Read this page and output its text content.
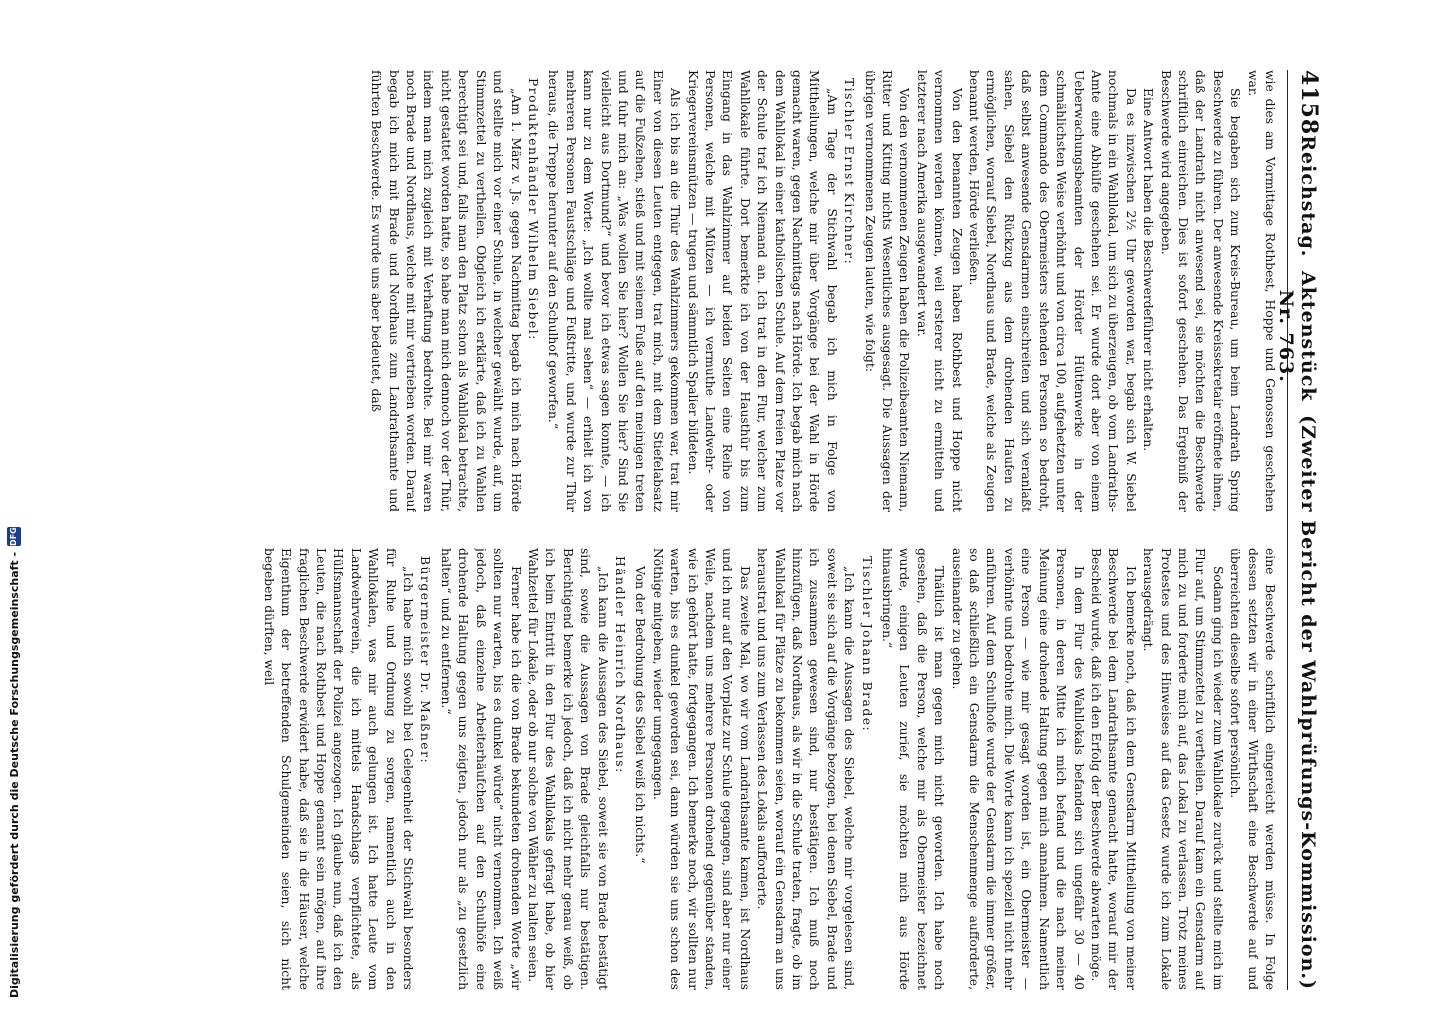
4158
Reichstag.
Aktenstück Nr. 763.
(Zweiter Bericht der Wahlprüfungs-Kommission.)

wie dies am Vormittage Rothbest, Hoppe und Genossen geschehen war.

Sie begaben sich zum Kreis-Bureau, um beim Landrath Spring Beschwerde zu führen. Der anwesende Kreissekretair eröffnete ihnen, daß der Landrath nicht anwesend sei, sie möchten die Beschwerde schriftlich einreichen. Dies ist sofort geschehen. Das Ergebniß der Beschwerde wird angegeben.

Eine Antwort haben die Beschwerdeführer nicht erhalten.

Da es inzwischen 2½ Uhr geworden war, begab sich W. Siebel nochmals in ein Wahllokal, um sich zu überzeugen, ob vom Landraths-Amte eine Abhülfe geschehen sei. Er wurde dort aber von einem Ueberwachungsbeamten der Hörder Hüttenwerke in der schmählichsten Weise verhöhnt und von circa 100, aufgehetzten unter dem Commando des Obermeisters stehenden Personen so bedroht, daß selbst anwesende Gensdarmen einschreiten und sich veranlaßt sahen, Siebel den Rückzug aus dem drohenden Haufen zu ermöglichen, worauf Siebel, Nordhaus und Brade, welche als Zeugen benannt werden, Hörde verließen.

Von den benannten Zeugen haben Rothbest und Hoppe nicht vernommen werden können, weil ersterer nicht zu ermitteln und letzterer nach Amerika ausgewandert war.

Von den vernommenen Zeugen haben die Polizeibeamten Niemann, Ritter und Kitting nichts Wesentliches ausgesagt. Die Aussagen der übrigen vernommenen Zeugen lauten, wie folgt:

Tischler Ernst Kirchner:

„Am Tage der Stichwahl begab ich mich in Folge von Mittheilungen, welche mir über Vorgänge bei der Wahl in Hörde gemacht waren, gegen Nachmittags nach Hörde. Ich begab mich nach dem Wahllokal in einer katholischen Schule. Auf dem freien Platze vor der Schule traf ich Niemand an. Ich trat in den Flur, welcher zum Wahllokale führte. Dort bemerkte ich von der Hausthür bis zum Eingang in das Wahlzimmer auf beiden Seiten eine Reihe von Personen, welche mit Mützen — ich vermuthe Landwehr- oder Kriegervereinsmützen — trugen und sämmtlich Spalier bildeten.

Als ich bis an die Thür des Wahlzimmers gekommen war, trat mir Einer von diesen Leuten entgegen, trat mich, mit dem Stiefelabsatz auf die Fußzehen, stieß und mit seinem Fuße auf den meinigen treten und fuhr mich an: „Was wollen Sie hier? Wollen Sie hier? Sind Sie vielleicht aus Dortmund?“ und bevor ich etwas sagen konnte, — ich kann nur zu dem Worte: „Ich wollte mal sehen“ — erhielt ich von mehreren Personen Faustschläge und Fußtritte, und wurde zur Thür heraus, die Treppe herunter auf den Schulhof geworfen.“

Produktenhändler Wilhelm Siebel:

„Am 1. März v. Js. gegen Nachmittag begab ich mich nach Hörde und stellte mich vor einer Schule, in welcher gewählt wurde, auf, um Stimmzettel zu vertheilen. Obgleich ich erklärte, daß ich zu Wahlen berechtigt sei und, falls man den Platz schon als Wahllokal betrachte, nicht gestattet worden hatte, so habe man mich dennoch vor der Thür, indem man mich zugleich mit Verhaftung bedrohte. Bei mir waren noch Brade und Nordhaus, welche mit mir vertrieben worden. Darauf begab ich mich mit Brade und Nordhaus zum Landrathsamte und führten Beschwerde. Es wurde uns aber bedeutet, daß

eine Beschwerde schriftlich eingereicht werden müsse. In Folge dessen setzten wir in einer Wirthschaft eine Beschwerde auf und überreichten dieselbe sofort persönlich.

Sodann ging ich wieder zum Wahllokale zurück und stellte mich im Flur auf, um Stimmzettel zu vertheilen. Darauf kam ein Gensdarm auf mich zu und forderte mich auf, das Lokal zu verlassen. Trotz meines Protestes und des Hinweises auf das Gesetz wurde ich zum Lokale herausgedrängt.

Ich bemerke noch, daß ich dem Gensdarm Mittheilung von meiner Beschwerde bei dem Landrathsamte gemacht hatte, worauf mir der Bescheid wurde, daß ich den Erfolg der Beschwerde abwarten möge.

In dem Flur des Wahllokals befanden sich ungefähr 30 — 40 Personen, in deren Mitte ich mich befand und die nach meiner Meinung eine drohende Haltung gegen mich annahmen. Namentlich eine Person — wie mir gesagt worden ist, ein Obermeister — verhöhnte und bedrohte mich. Die Worte kann ich speziell nicht mehr anführen. Auf dem Schulhofe wurde der Gensdarm die immer größer, so daß schließlich ein Gensdarm die Menschenmenge aufforderte, auseinander zu gehen.

Thätlich ist man gegen mich nicht geworden. Ich habe noch gesehen, daß die Person, welche mir als Obermeister bezeichnet wurde, einigen Leuten zurief, sie möchten mich aus Hörde hinausbringen.“

Tischler Johann Brade:

„Ich kann die Aussagen des Siebel, welche mir vorgelesen sind, soweit sie sich auf die Vorgänge bezogen, bei denen Siebel, Brade und ich zusammen gewesen sind, nur bestätigen. Ich muß noch hinzufügen, daß Nordhaus, als wir in die Schule traten, fragte, ob im Wahllokal für Plätze zu bekommen seien, worauf ein Gensdarm an uns heraustrat und uns zum Verlassen des Lokals aufforderte.

Das zweite Mal, wo wir vom Landrathsamte kamen, ist Nordhaus und ich nur auf den Vorplatz zur Schule gegangen, sind aber nur einer Weile, nachdem uns mehrere Personen drohend gegenüber standen, wie ich gehört hatte, fortgegangen. Ich bemerke noch, wir sollten nur warten, bis es dunkel geworden sei, dann würden sie uns schon des Nöthige mitgeben, wieder umgegangen.

Von der Bedrohung des Siebel weiß ich nichts.“

Händler Heinrich Nordhaus:

„Ich kann die Aussagen des Siebel, soweit sie von Brade bestätigt sind, sowie die Aussagen von Brade gleichfalls nur bestätigen. Berichtigend bemerke ich jedoch, daß ich nicht mehr genau weiß, ob ich beim Eintritt in den Flur des Wahllokals gefragt habe, ob hier Wahlzettel für Lokale, oder ob nur solche von Wähler zu halten seien.

Ferner habe ich die von Brade bekundeten drohenden Worte „wir sollten nur warten, bis es dunkel würde“ nicht vernommen. Ich weiß jedoch, daß einzelne Arbeiterhäufchen auf den Schulhöfe eine drohende Haltung gegen uns zeigten, jedoch nur als „zu gesetzlich halten“ und zu entfernen.“

Bürgermeister Dr. Maßner:

„Ich habe mich sowohl bei Gelegenheit der Stichwahl besonders für Ruhe und Ordnung zu sorgen, namentlich auch in den Wahllokalen, was mir auch gelungen ist. Ich hatte Leute vom Landwehrverein, die ich mittels Handschlags verpflichtete, als Hülfsmannschaft der Polizei angezogen. Ich glaube nun, daß ich den Leuten, die nach Rothbest und Hoppe genannt sein mögen, auf ihre fraglichen Beschwerde erwidert habe, daß sie in die Häuser, welche Eigenthum der betreffenden Schulgemeinden seien, sich nicht begeben dürften, weil

Digitalisierung gefördert durch die Deutsche Forschungsgemeinschaft -
DFG
